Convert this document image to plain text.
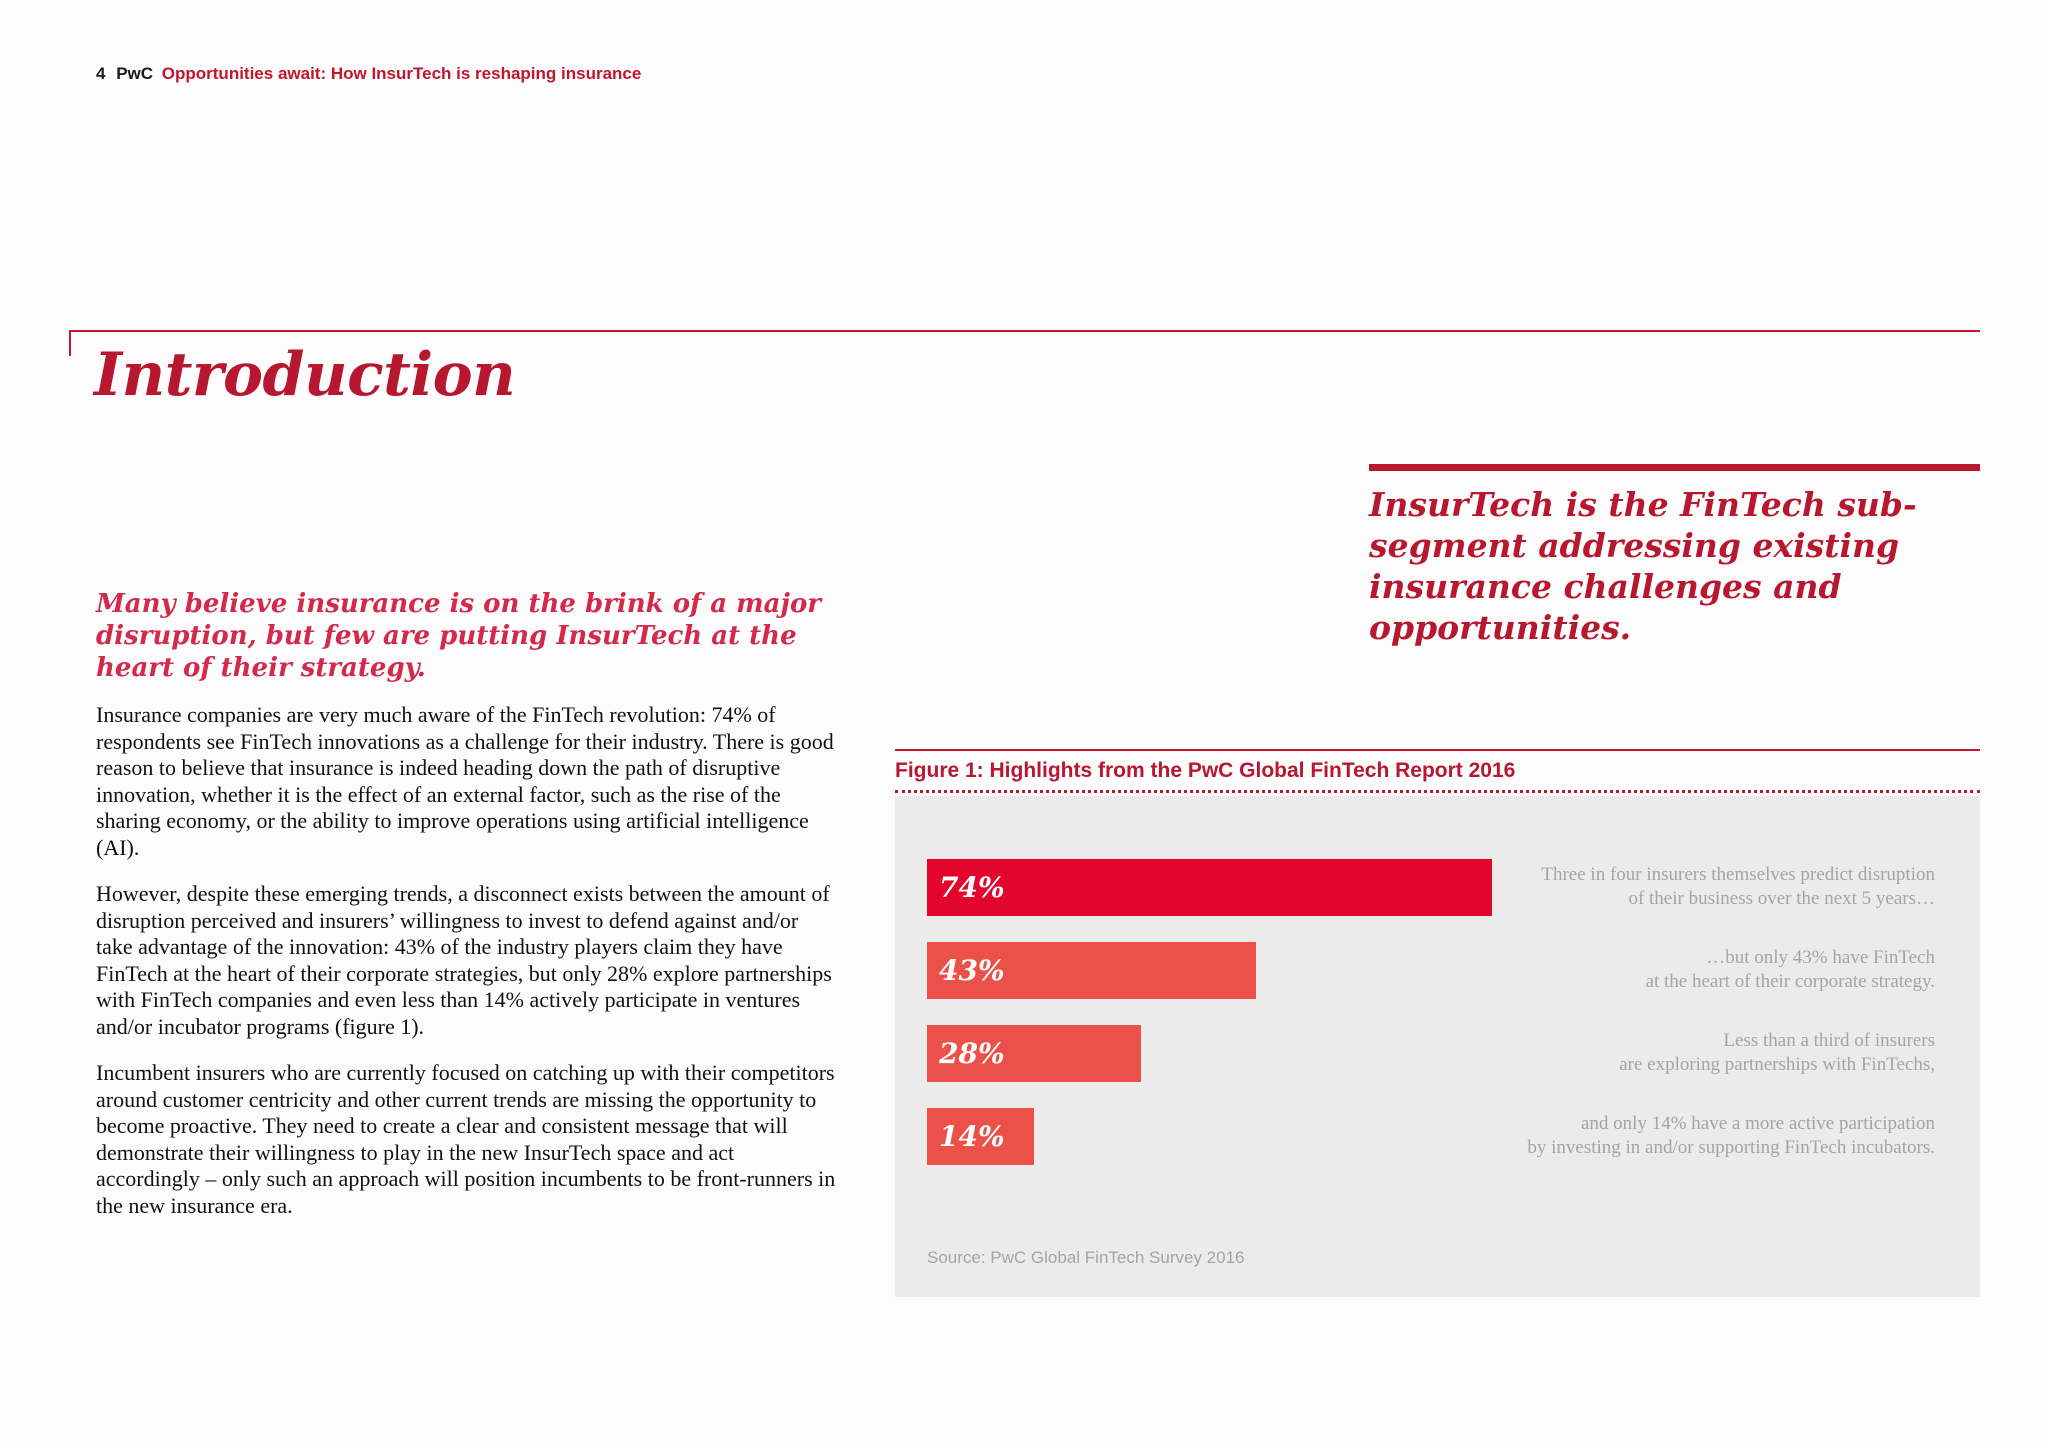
4 PwC Opportunities await: How InsurTech is reshaping insurance
Introduction

Many believe insurance is on the brink of a major disruption, but few are putting InsurTech at the heart of their strategy.

Insurance companies are very much aware of the FinTech revolution: 74% of respondents see FinTech innovations as a challenge for their industry. There is good reason to believe that insurance is indeed heading down the path of disruptive innovation, whether it is the effect of an external factor, such as the rise of the sharing economy, or the ability to improve operations using artificial intelligence (AI).

However, despite these emerging trends, a disconnect exists between the amount of disruption perceived and insurers’ willingness to invest to defend against and/or take advantage of the innovation: 43% of the industry players claim they have FinTech at the heart of their corporate strategies, but only 28% explore partnerships with FinTech companies and even less than 14% actively participate in ventures and/or incubator programs (figure 1).

Incumbent insurers who are currently focused on catching up with their competitors around customer centricity and other current trends are missing the opportunity to become proactive. They need to create a clear and consistent message that will demonstrate their willingness to play in the new InsurTech space and act accordingly – only such an approach will position incumbents to be front-runners in the new insurance era.

InsurTech is the FinTech sub-segment addressing existing insurance challenges and opportunities.

Figure 1: Highlights from the PwC Global FinTech Report 2016
Source: PwC Global FinTech Survey 2016
74%	Three in four insurers themselves predict disruption
of their business over the next 5 years…
43%	…but only 43% have FinTech
at the heart of their corporate strategy.
28%	Less than a third of insurers
are exploring partnerships with FinTechs,
14%	and only 14% have a more active participation
by investing in and/or supporting FinTech incubators.
